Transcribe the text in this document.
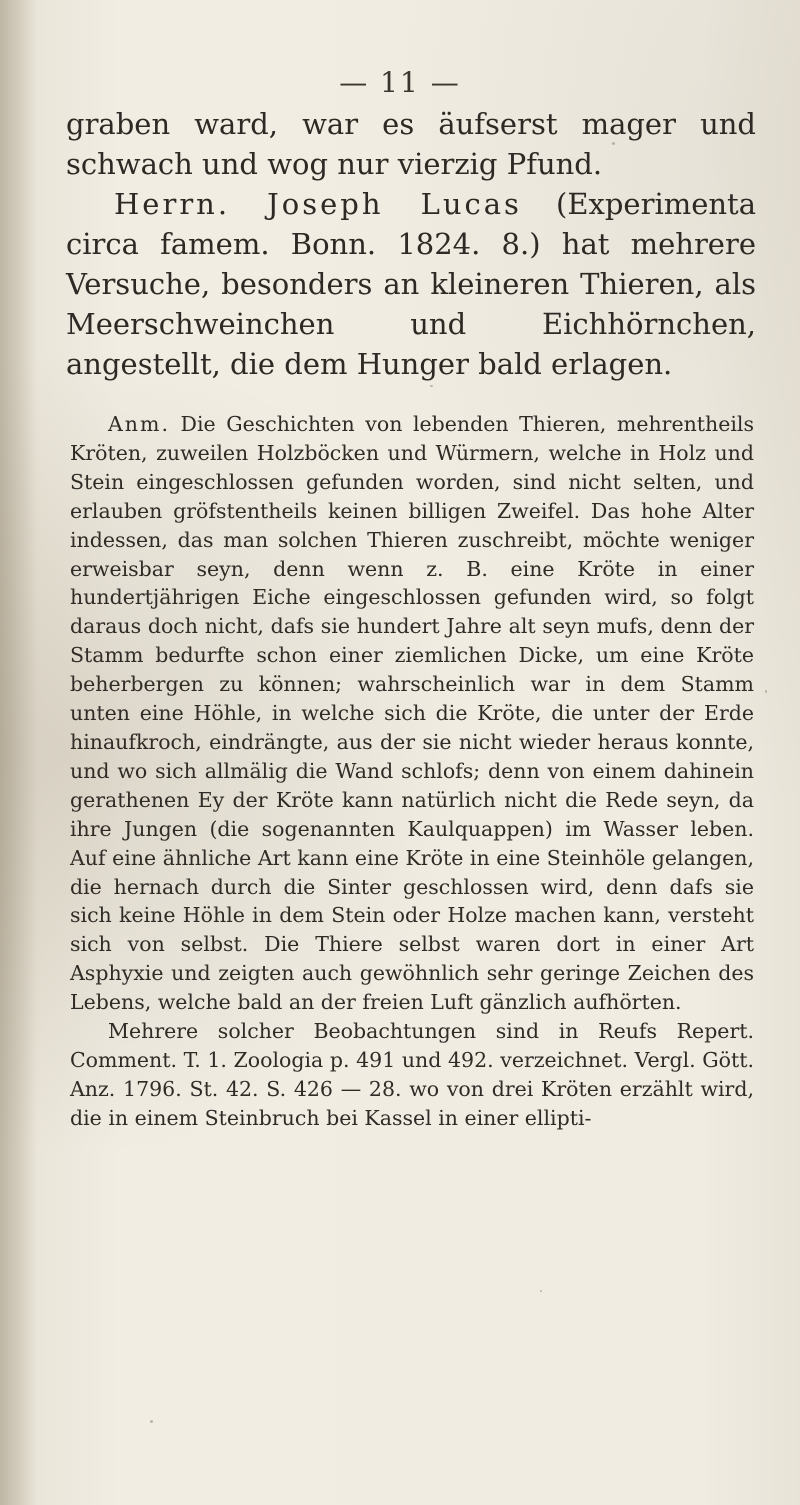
— 11 —

graben ward, war es äufserst mager und schwach und wog nur vierzig Pfund.

Herrn. Joseph Lucas (Experimenta circa famem. Bonn. 1824. 8.) hat mehrere Versuche, besonders an kleineren Thieren, als Meerschweinchen und Eichhörnchen, angestellt, die dem Hunger bald erlagen.

Anm. Die Geschichten von lebenden Thieren, mehrentheils Kröten, zuweilen Holzböcken und Würmern, welche in Holz und Stein eingeschlossen gefunden worden, sind nicht selten, und erlauben gröfstentheils keinen billigen Zweifel. Das hohe Alter indessen, das man solchen Thieren zuschreibt, möchte weniger erweisbar seyn, denn wenn z. B. eine Kröte in einer hundertjährigen Eiche eingeschlossen gefunden wird, so folgt daraus doch nicht, dafs sie hundert Jahre alt seyn mufs, denn der Stamm bedurfte schon einer ziemlichen Dicke, um eine Kröte beherbergen zu können; wahrscheinlich war in dem Stamm unten eine Höhle, in welche sich die Kröte, die unter der Erde hinaufkroch, eindrängte, aus der sie nicht wieder heraus konnte, und wo sich allmälig die Wand schlofs; denn von einem dahinein gerathenen Ey der Kröte kann natürlich nicht die Rede seyn, da ihre Jungen (die sogenannten Kaulquappen) im Wasser leben. Auf eine ähnliche Art kann eine Kröte in eine Steinhöle gelangen, die hernach durch die Sinter geschlossen wird, denn dafs sie sich keine Höhle in dem Stein oder Holze machen kann, versteht sich von selbst. Die Thiere selbst waren dort in einer Art Asphyxie und zeigten auch gewöhnlich sehr geringe Zeichen des Lebens, welche bald an der freien Luft gänzlich aufhörten.

Mehrere solcher Beobachtungen sind in Reufs Repert. Comment. T. 1. Zoologia p. 491 und 492. verzeichnet. Vergl. Gött. Anz. 1796. St. 42. S. 426 — 28. wo von drei Kröten erzählt wird, die in einem Steinbruch bei Kassel in einer ellipti-
